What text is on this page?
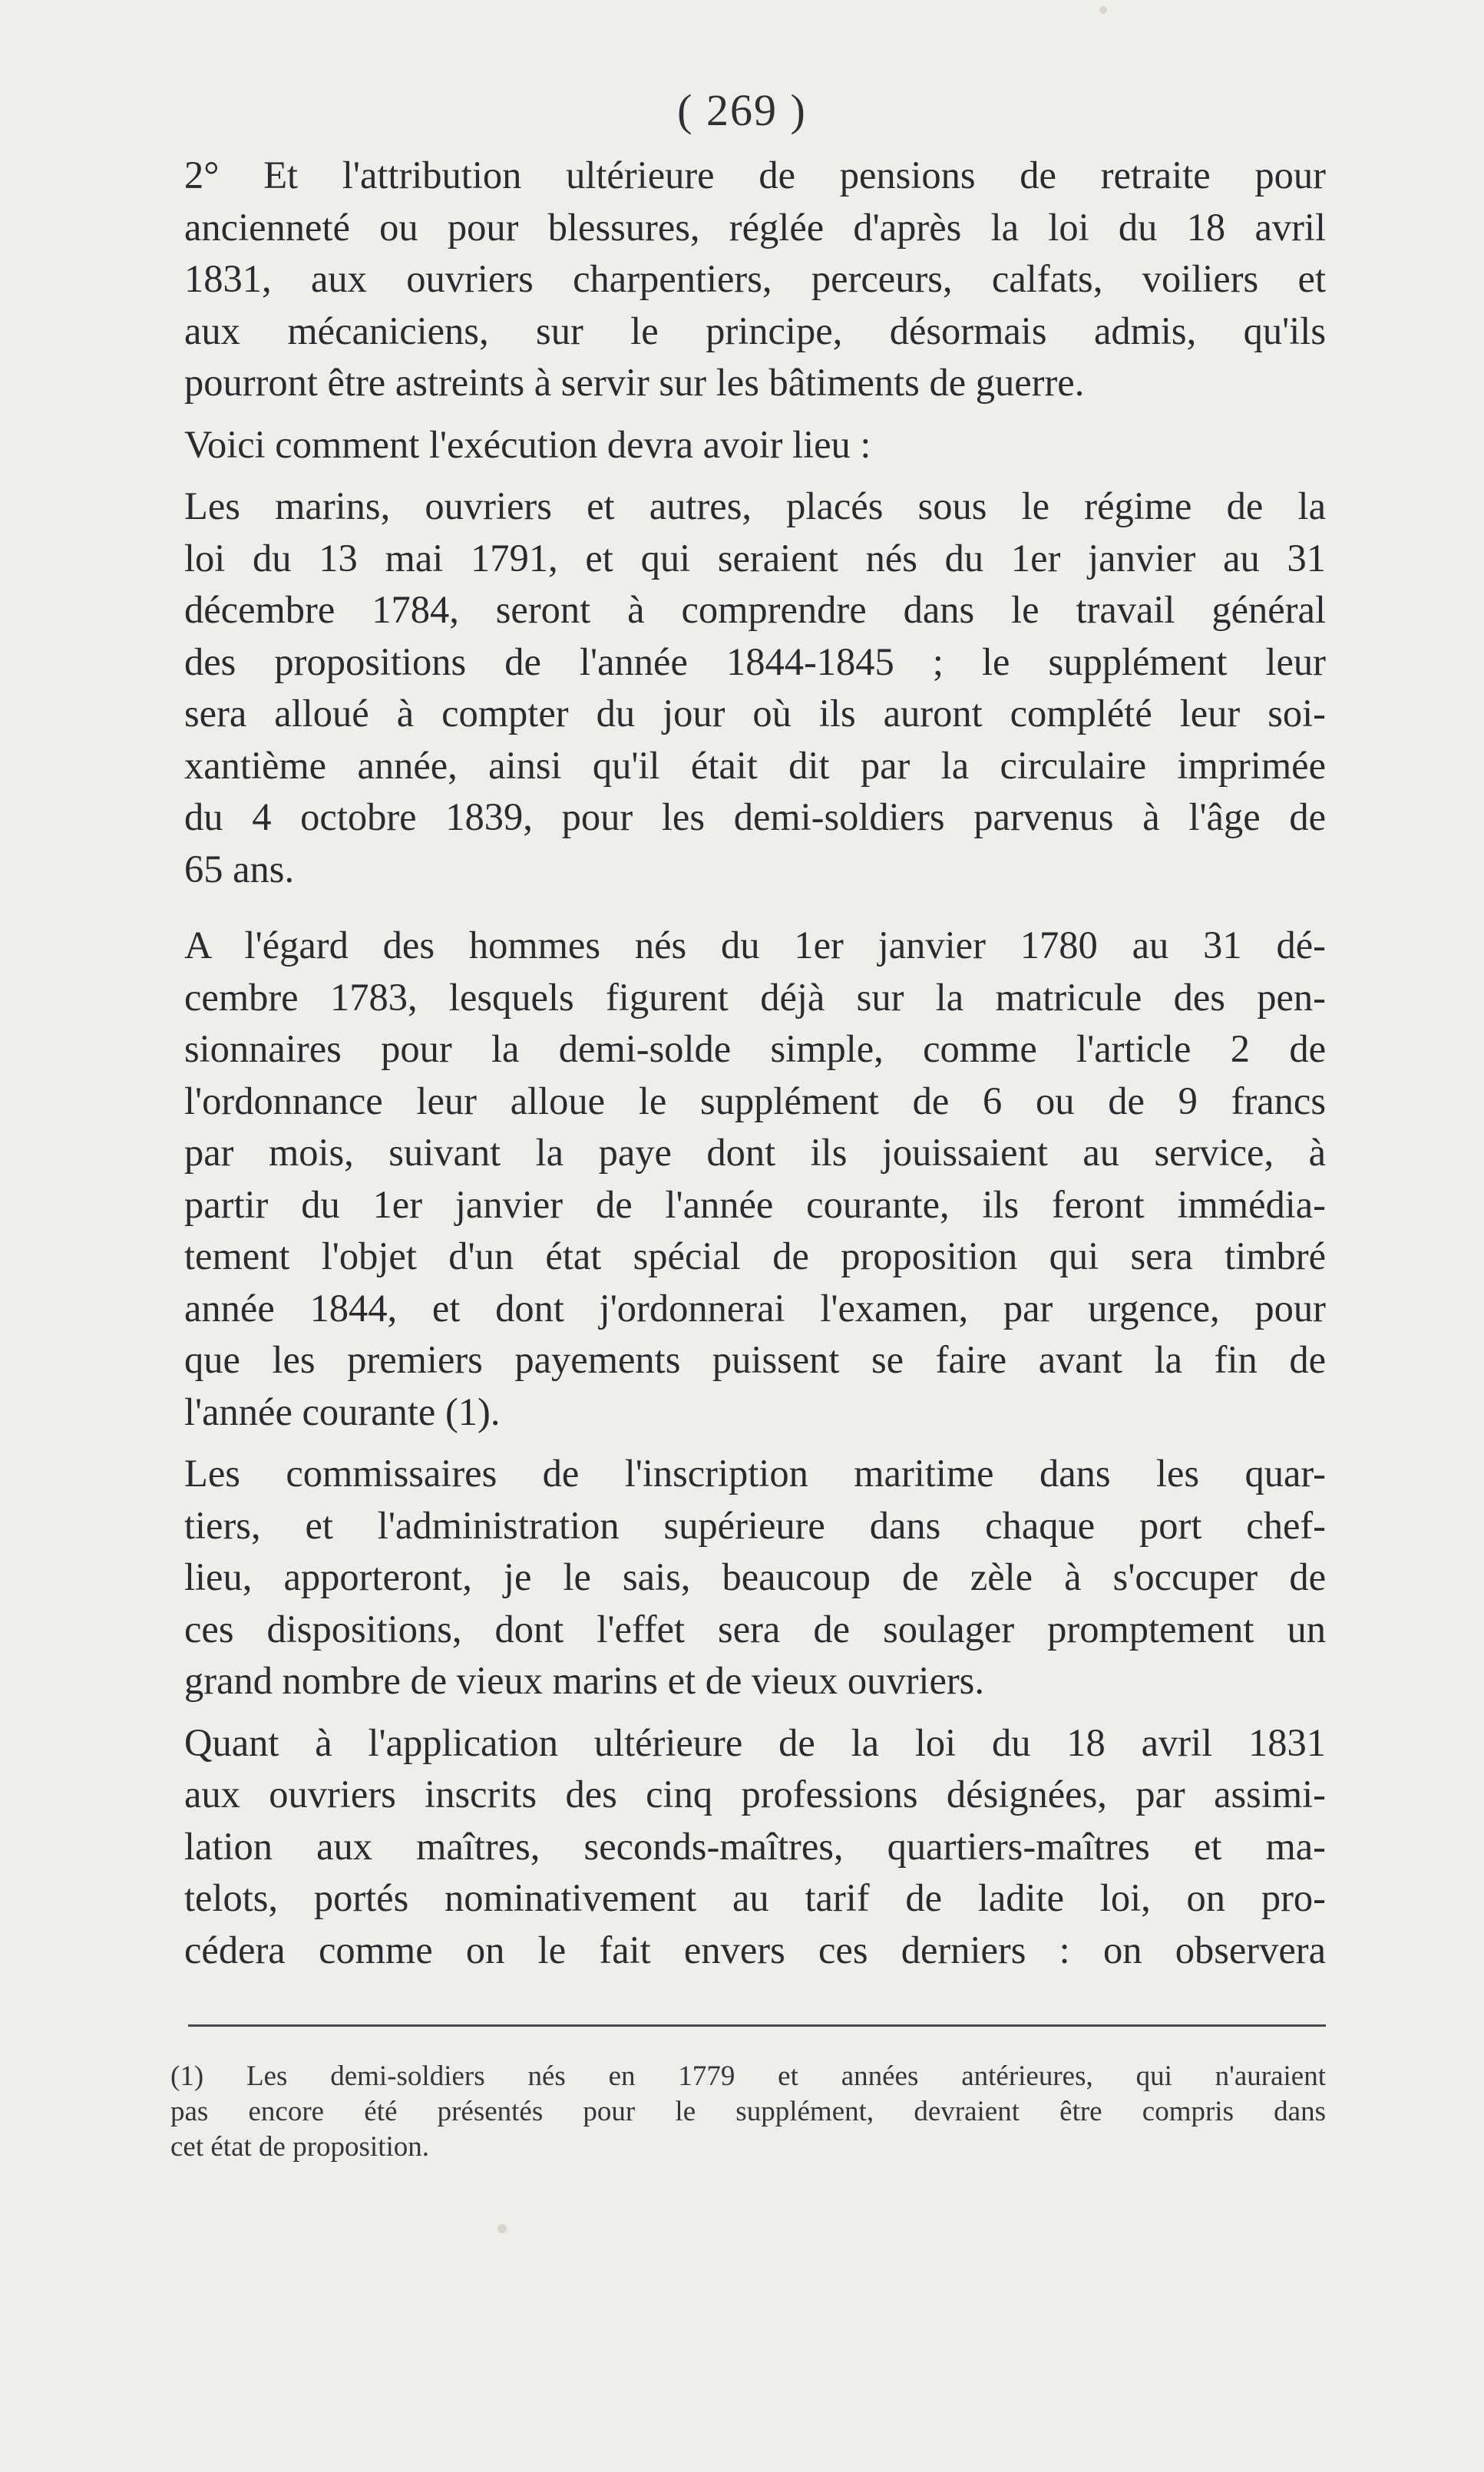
( 269 )

2° Et l'attribution ultérieure de pensions de retraite pour
ancienneté ou pour blessures, réglée d'après la loi du 18 avril
1831, aux ouvriers charpentiers, perceurs, calfats, voiliers et
aux mécaniciens, sur le principe, désormais admis, qu'ils
pourront être astreints à servir sur les bâtiments de guerre.

Voici comment l'exécution devra avoir lieu :

Les marins, ouvriers et autres, placés sous le régime de la
loi du 13 mai 1791, et qui seraient nés du 1er janvier au 31
décembre 1784, seront à comprendre dans le travail général
des propositions de l'année 1844-1845 ; le supplément leur
sera alloué à compter du jour où ils auront complété leur soi-
xantième année, ainsi qu'il était dit par la circulaire imprimée
du 4 octobre 1839, pour les demi-soldiers parvenus à l'âge de
65 ans.

A l'égard des hommes nés du 1er janvier 1780 au 31 dé-
cembre 1783, lesquels figurent déjà sur la matricule des pen-
sionnaires pour la demi-solde simple, comme l'article 2 de
l'ordonnance leur alloue le supplément de 6 ou de 9 francs
par mois, suivant la paye dont ils jouissaient au service, à
partir du 1er janvier de l'année courante, ils feront immédia-
tement l'objet d'un état spécial de proposition qui sera timbré
année 1844, et dont j'ordonnerai l'examen, par urgence, pour
que les premiers payements puissent se faire avant la fin de
l'année courante (1).

Les commissaires de l'inscription maritime dans les quar-
tiers, et l'administration supérieure dans chaque port chef-
lieu, apporteront, je le sais, beaucoup de zèle à s'occuper de
ces dispositions, dont l'effet sera de soulager promptement un
grand nombre de vieux marins et de vieux ouvriers.

Quant à l'application ultérieure de la loi du 18 avril 1831
aux ouvriers inscrits des cinq professions désignées, par assimi-
lation aux maîtres, seconds-maîtres, quartiers-maîtres et ma-
telots, portés nominativement au tarif de ladite loi, on pro-
cédera comme on le fait envers ces derniers : on observera

(1) Les demi-soldiers nés en 1779 et années antérieures, qui n'auraient
pas encore été présentés pour le supplément, devraient être compris dans
cet état de proposition.
